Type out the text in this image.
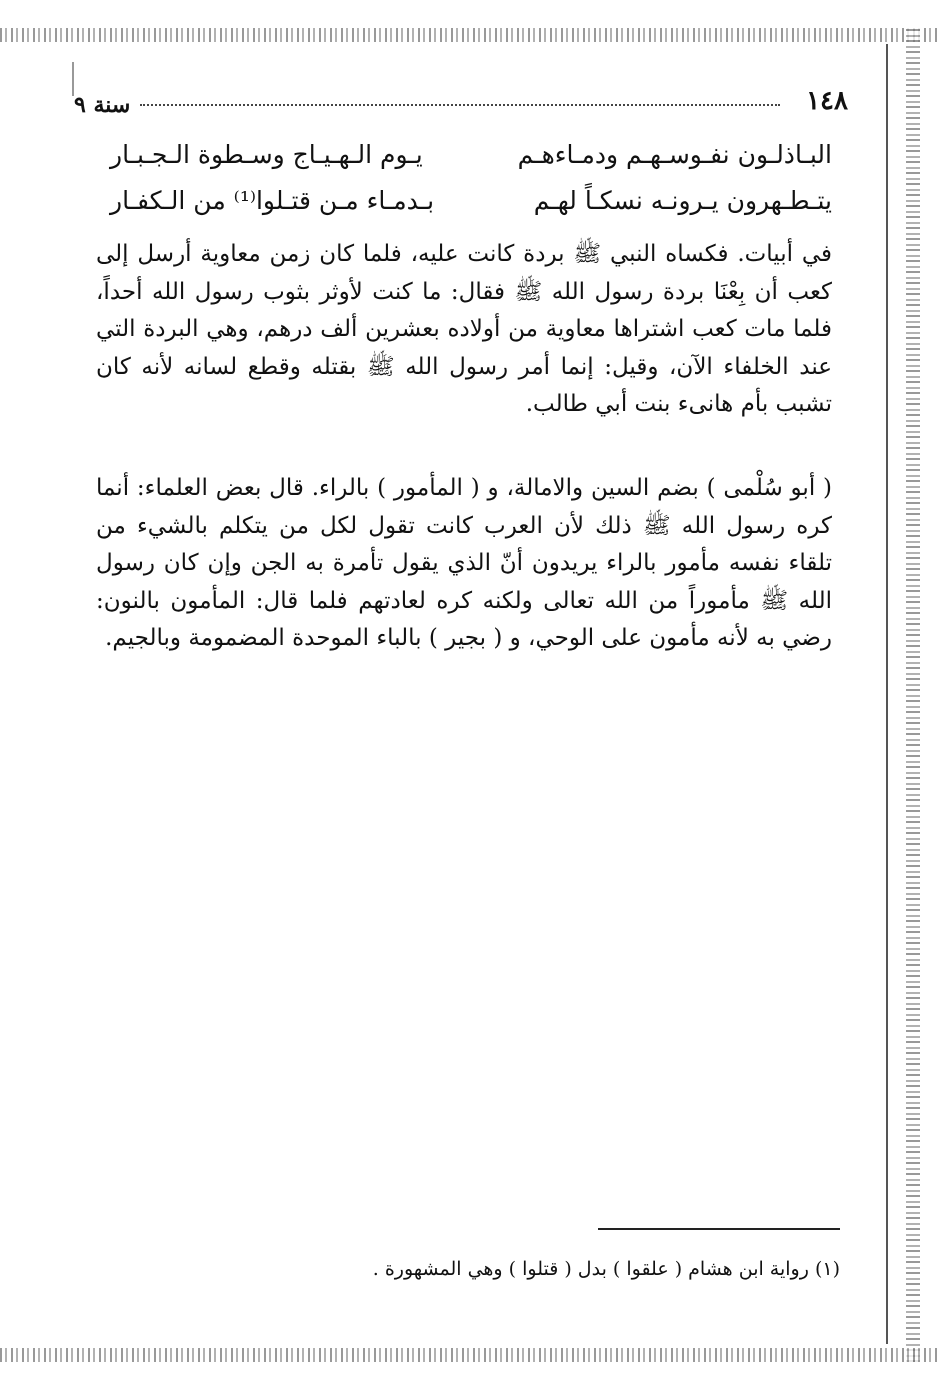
١٤٨
سنة ٩
البـاذلـون نفـوسـهـم ودمـاءهـم
يـوم الـهـيـاج وسـطوة الـجـبـار
يتـطـهرون يـرونـه نسكـاً لهـم
بـدمـاء مـن قتـلوا⁽¹⁾ من الـكفـار
في أبيات. فكساه النبي ﷺ بردة كانت عليه، فلما كان زمن معاوية أرسل إلى كعب أن بِعْنَا بردة رسول الله ﷺ فقال: ما كنت لأوثر بثوب رسول الله أحداً، فلما مات كعب اشتراها معاوية من أولاده بعشرين ألف درهم، وهي البردة التي عند الخلفاء الآن، وقيل: إنما أمر رسول الله ﷺ بقتله وقطع لسانه لأنه كان تشبب بأم هانىء بنت أبي طالب.
( أبو سُلْمى ) بضم السين والامالة، و ( المأمور ) بالراء. قال بعض العلماء: أنما كره رسول الله ﷺ ذلك لأن العرب كانت تقول لكل من يتكلم بالشيء من تلقاء نفسه مأمور بالراء يريدون أنّ الذي يقول تأمرة به الجن وإن كان رسول الله ﷺ مأموراً من الله تعالى ولكنه كره لعادتهم فلما قال: المأمون بالنون: رضي به لأنه مأمون على الوحي، و ( بجير ) بالباء الموحدة المضمومة وبالجيم.
(١) رواية ابن هشام ( علقوا ) بدل ( قتلوا ) وهي المشهورة .
